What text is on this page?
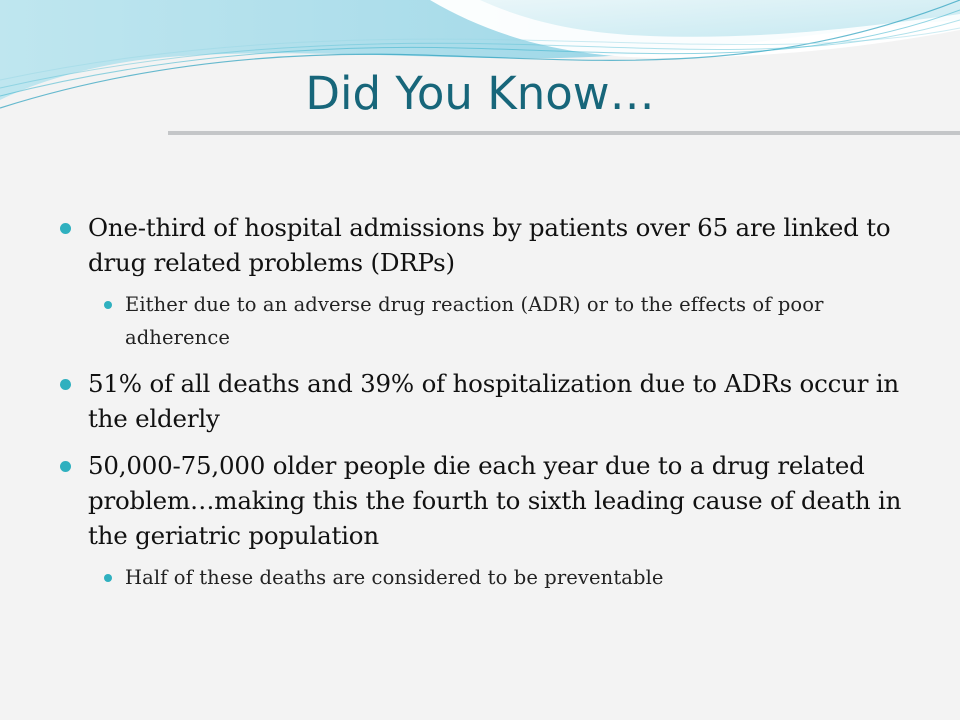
Did You Know…
One-third of hospital admissions by patients over 65 are linked to drug related problems (DRPs)
Either due to an adverse drug reaction (ADR) or to the effects of poor adherence
51% of all deaths and 39% of hospitalization due to ADRs occur in the elderly
50,000-75,000 older people die each year due to a drug related problem…making this the fourth to sixth leading cause of death in the geriatric population
Half of these deaths are considered to be preventable
